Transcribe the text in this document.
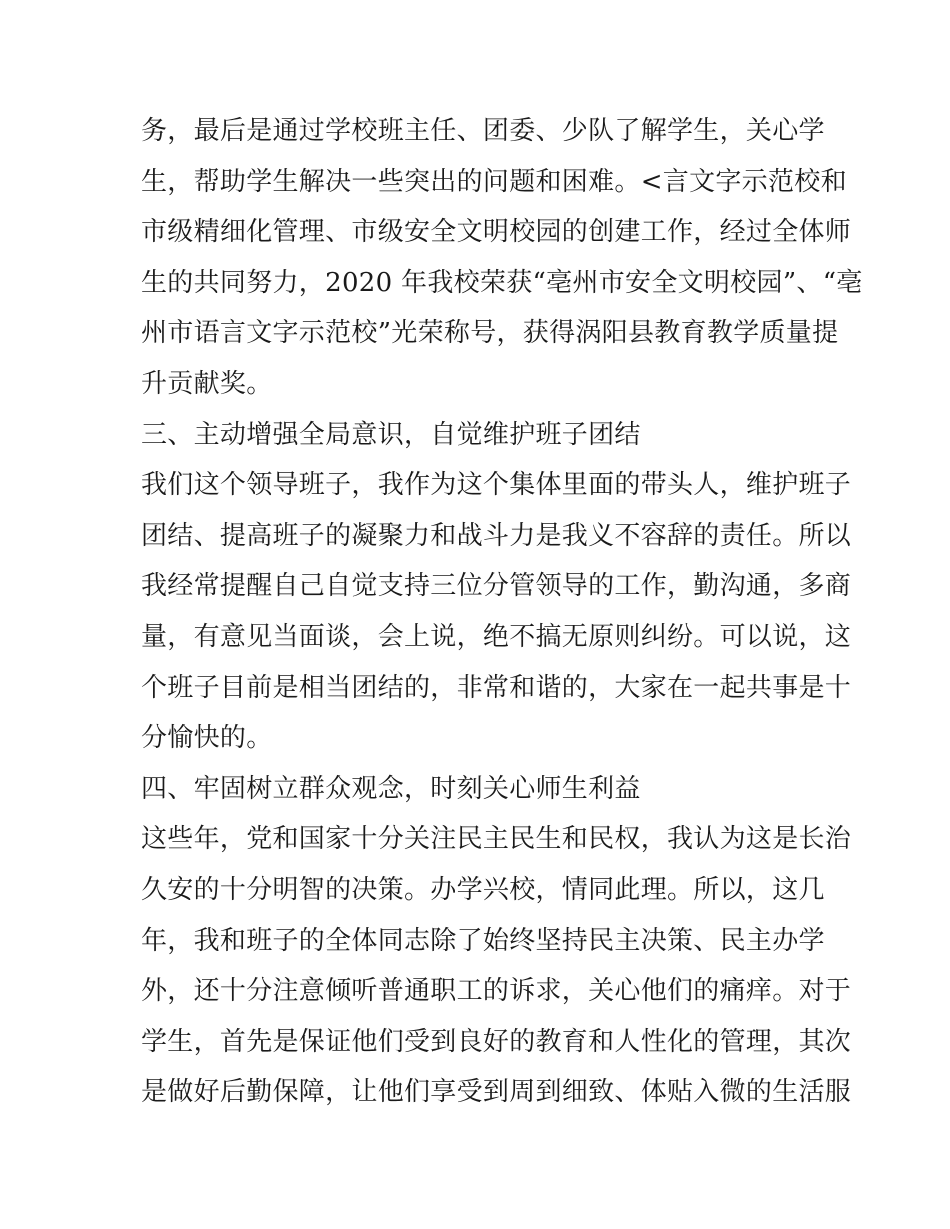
务，最后是通过学校班主任、团委、少队了解学生，关心学
生，帮助学生解决一些突出的问题和困难。<言文字示范校和
市级精细化管理、市级安全文明校园的创建工作，经过全体师
生的共同努力，2020 年我校荣获“亳州市安全文明校园”、“亳
州市语言文字示范校”光荣称号，获得涡阳县教育教学质量提
升贡献奖。
三、主动增强全局意识，自觉维护班子团结
我们这个领导班子，我作为这个集体里面的带头人，维护班子
团结、提高班子的凝聚力和战斗力是我义不容辞的责任。所以
我经常提醒自己自觉支持三位分管领导的工作，勤沟通，多商
量，有意见当面谈，会上说，绝不搞无原则纠纷。可以说，这
个班子目前是相当团结的，非常和谐的，大家在一起共事是十
分愉快的。
四、牢固树立群众观念，时刻关心师生利益
这些年，党和国家十分关注民主民生和民权，我认为这是长治
久安的十分明智的决策。办学兴校，情同此理。所以，这几
年，我和班子的全体同志除了始终坚持民主决策、民主办学
外，还十分注意倾听普通职工的诉求，关心他们的痛痒。对于
学生，首先是保证他们受到良好的教育和人性化的管理，其次
是做好后勤保障，让他们享受到周到细致、体贴入微的生活服
